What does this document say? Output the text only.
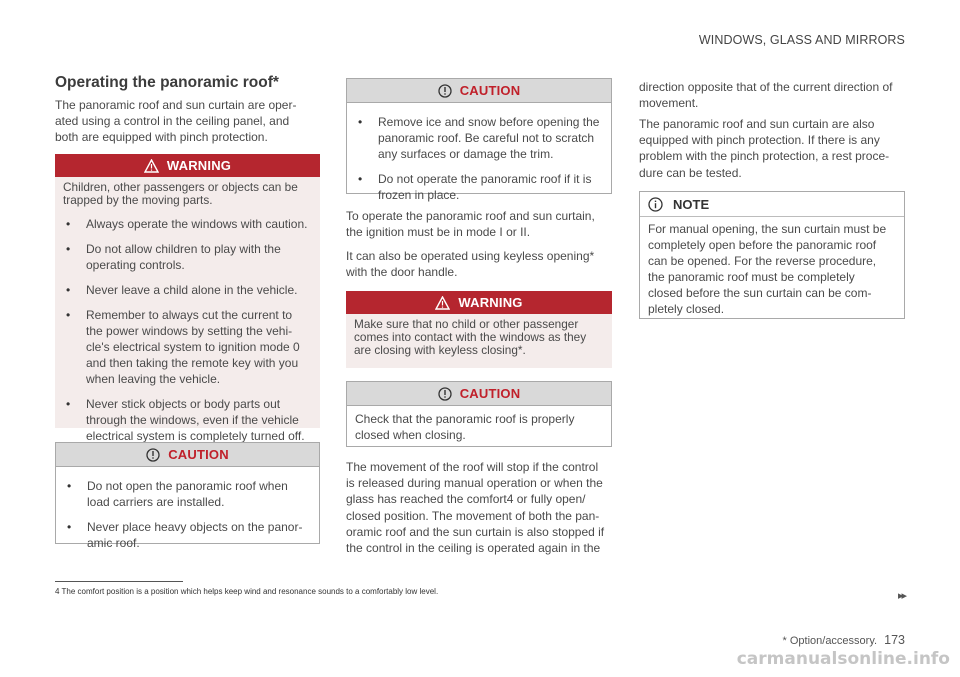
WINDOWS, GLASS AND MIRRORS
Operating the panoramic roof*
The panoramic roof and sun curtain are oper-
ated using a control in the ceiling panel, and
both are equipped with pinch protection.
WARNING
Children, other passengers or objects can be
trapped by the moving parts.
• Always operate the windows with caution.
• Do not allow children to play with the
operating controls.
• Never leave a child alone in the vehicle.
• Remember to always cut the current to
the power windows by setting the vehi-
cle's electrical system to ignition mode 0
and then taking the remote key with you
when leaving the vehicle.
• Never stick objects or body parts out
through the windows, even if the vehicle
electrical system is completely turned off.
CAUTION
• Do not open the panoramic roof when
load carriers are installed.
• Never place heavy objects on the panor-
amic roof.
CAUTION
• Remove ice and snow before opening the
panoramic roof. Be careful not to scratch
any surfaces or damage the trim.
• Do not operate the panoramic roof if it is
frozen in place.
To operate the panoramic roof and sun curtain,
the ignition must be in mode I or II.
It can also be operated using keyless opening*
with the door handle.
WARNING
Make sure that no child or other passenger
comes into contact with the windows as they
are closing with keyless closing*.
CAUTION
Check that the panoramic roof is properly
closed when closing.
The movement of the roof will stop if the control
is released during manual operation or when the
glass has reached the comfort4 or fully open/
closed position. The movement of both the pan-
oramic roof and the sun curtain is also stopped if
the control in the ceiling is operated again in the
direction opposite that of the current direction of
movement.
The panoramic roof and sun curtain are also
equipped with pinch protection. If there is any
problem with the pinch protection, a rest proce-
dure can be tested.
NOTE
For manual opening, the sun curtain must be
completely open before the panoramic roof
can be opened. For the reverse procedure,
the panoramic roof must be completely
closed before the sun curtain can be com-
pletely closed.
4 The comfort position is a position which helps keep wind and resonance sounds to a comfortably low level.	▸▸
* Option/accessory. 173
carmanualsonline.info
